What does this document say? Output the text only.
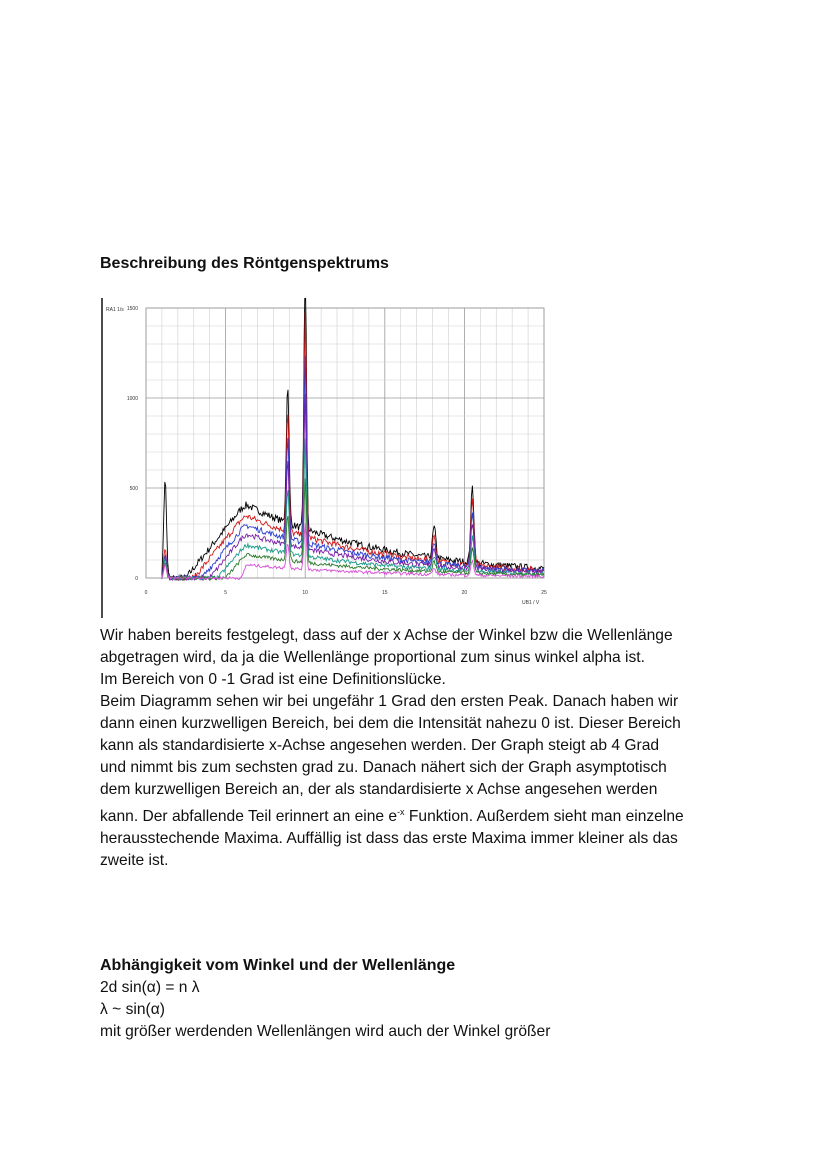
Beschreibung des Röntgenspektrums
RA1 1/s
UB1 / V
0
500
1000
1500
0	5	10	15	20	25
Wir haben bereits festgelegt, dass auf der x Achse der Winkel bzw die Wellenlänge
abgetragen wird, da ja die Wellenlänge proportional zum sinus winkel alpha ist.
Im Bereich von 0 -1 Grad ist eine Definitionslücke.
Beim Diagramm sehen wir bei ungefähr 1 Grad den ersten Peak. Danach haben wir
dann einen kurzwelligen Bereich, bei dem die Intensität nahezu 0 ist. Dieser Bereich
kann als standardisierte x-Achse angesehen werden. Der Graph steigt ab 4 Grad
und nimmt bis zum sechsten grad zu. Danach nähert sich der Graph asymptotisch
dem kurzwelligen Bereich an, der als standardisierte x Achse angesehen werden
kann. Der abfallende Teil erinnert an eine $e^{-x}$ Funktion. Außerdem sieht man einzelne
herausstechende Maxima. Auffällig ist dass das erste Maxima immer kleiner als das
zweite ist.
Abhängigkeit vom Winkel und der Wellenlänge
2d sin(α) = n λ
λ ~ sin(α)
mit größer werdenden Wellenlängen wird auch der Winkel größer
